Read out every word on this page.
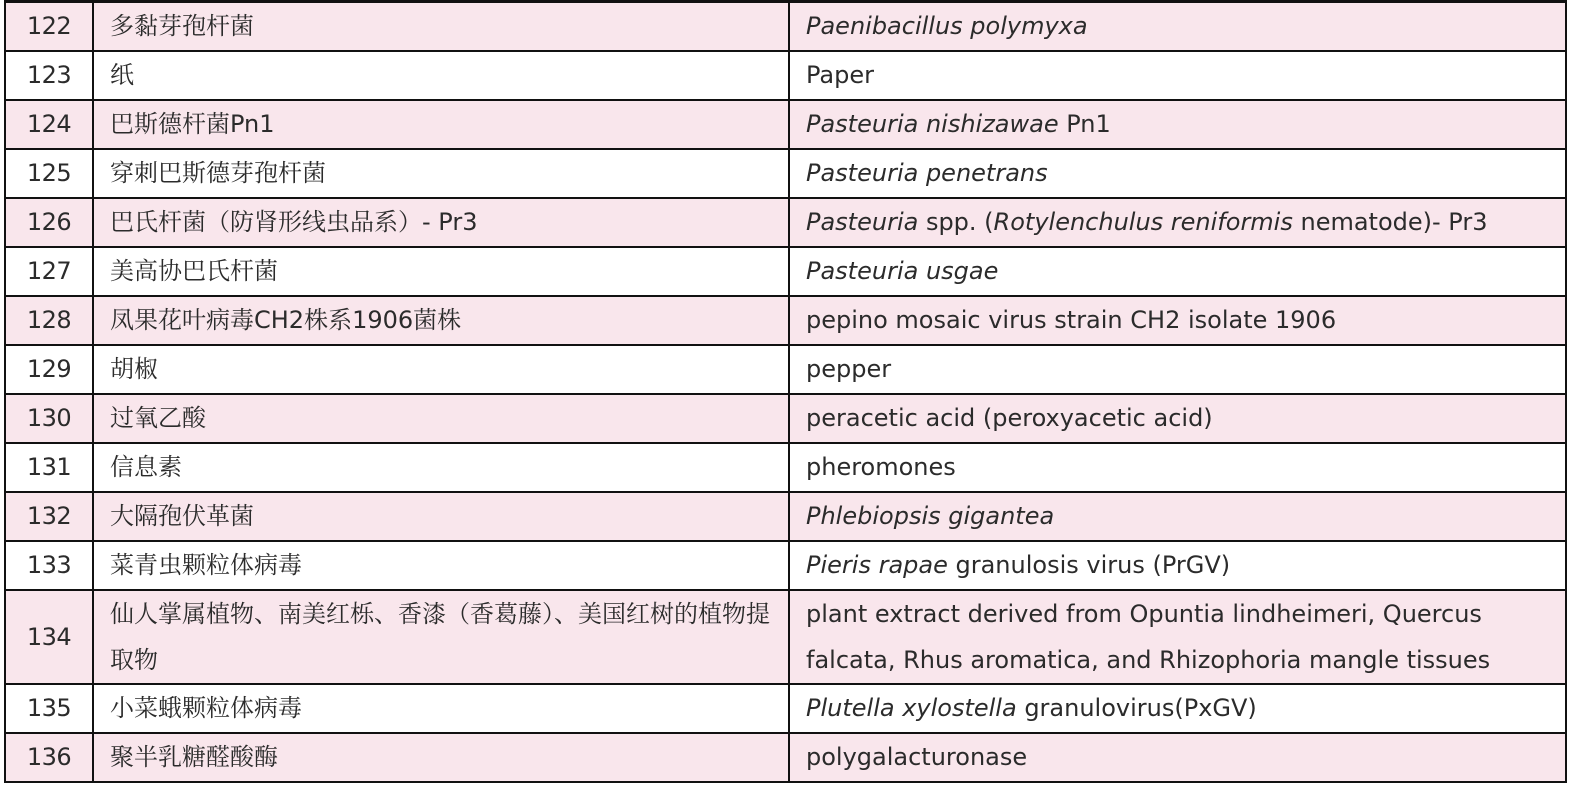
122	多黏芽孢杆菌	Paenibacillus polymyxa
123	纸	Paper
124	巴斯德杆菌Pn1	Pasteuria nishizawae Pn1
125	穿刺巴斯德芽孢杆菌	Pasteuria penetrans
126	巴氏杆菌（防肾形线虫品系）- Pr3	Pasteuria spp. (Rotylenchulus reniformis nematode)- Pr3
127	美高协巴氏杆菌	Pasteuria usgae
128	凤果花叶病毒CH2株系1906菌株	pepino mosaic virus strain CH2 isolate 1906
129	胡椒	pepper
130	过氧乙酸	peracetic acid (peroxyacetic acid)
131	信息素	pheromones
132	大隔孢伏革菌	Phlebiopsis gigantea
133	菜青虫颗粒体病毒	Pieris rapae granulosis virus (PrGV)
134	仙人掌属植物、南美红栎、香漆（香葛藤）、美国红树的植物提取物	plant extract derived from Opuntia lindheimeri, Quercus falcata, Rhus aromatica, and Rhizophoria mangle tissues
135	小菜蛾颗粒体病毒	Plutella xylostella granulovirus(PxGV)
136	聚半乳糖醛酸酶	polygalacturonase
